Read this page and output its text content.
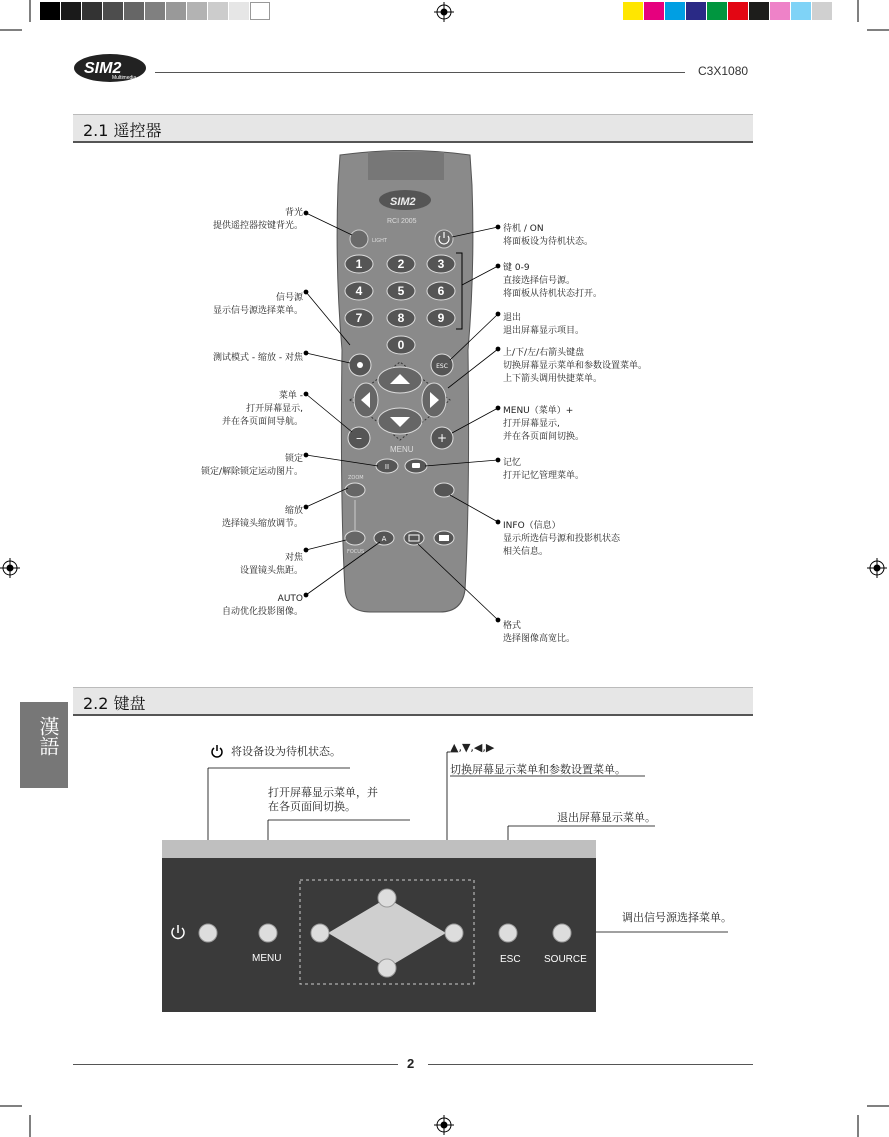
SIM2
Multimedia	C3X1080
2.1 遥控器
SIM2
RCI 2005
LIGHT
1	2	3
4	5	6
7	8	9
0
ESC
–	+
MENU
II
ZOOM
FOCUS
A
背光
提供遥控器按键背光。
信号源
显示信号源选择菜单。
测试模式 - 缩放 - 对焦
菜单 -
打开屏幕显示,
并在各页面间导航。
锁定
锁定/解除锁定运动图片。
缩放
选择镜头缩放调节。
对焦
设置镜头焦距。
AUTO
自动优化投影图像。
待机 / ON
将面板设为待机状态。
键 0-9
直接选择信号源。
将面板从待机状态打开。
退出
退出屏幕显示项目。
上/下/左/右箭头键盘
切换屏幕显示菜单和参数设置菜单。
上下箭头调用快捷菜单。
MENU（菜单）+
打开屏幕显示,
并在各页面间切换。
记忆
打开记忆管理菜单。
INFO（信息）
显示所选信号源和投影机状态
相关信息。
格式
选择图像高宽比。
漢語
2.2 键盘
将设备设为待机状态。
打开屏幕显示菜单，并
在各页面间切换。
▲,▼,◀,▶
切换屏幕显示菜单和参数设置菜单。
退出屏幕显示菜单。
调出信号源选择菜单。
MENU	ESC SOURCE
2
